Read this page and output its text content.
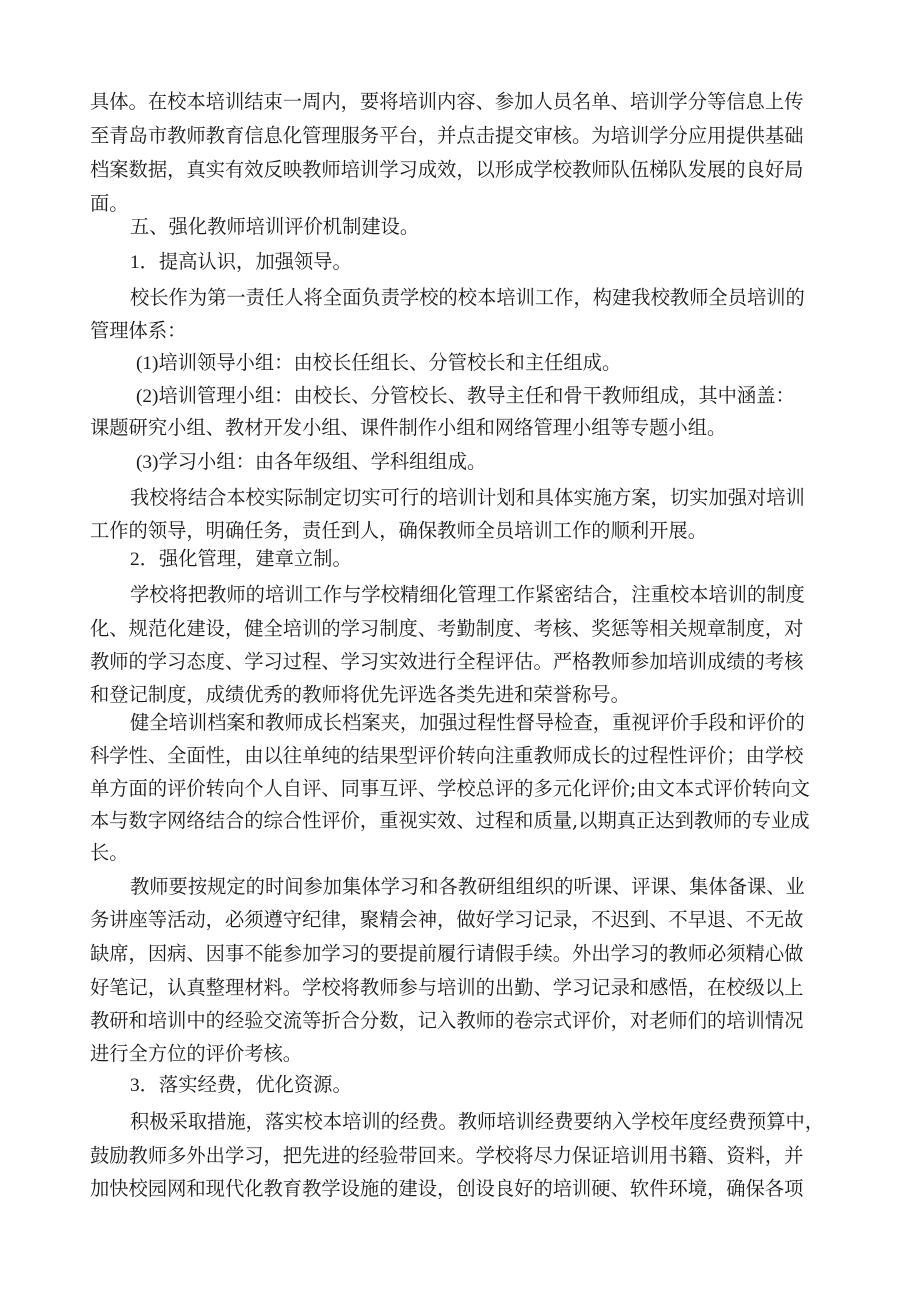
具体。在校本培训结束一周内，要将培训内容、参加人员名单、培训学分等信息上传
至青岛市教师教育信息化管理服务平台，并点击提交审核。为培训学分应用提供基础
档案数据，真实有效反映教师培训学习成效，以形成学校教师队伍梯队发展的良好局
面。
五、强化教师培训评价机制建设。
1．提高认识，加强领导。
校长作为第一责任人将全面负责学校的校本培训工作，构建我校教师全员培训的
管理体系：
(1)培训领导小组：由校长任组长、分管校长和主任组成。
(2)培训管理小组：由校长、分管校长、教导主任和骨干教师组成，其中涵盖：
课题研究小组、教材开发小组、课件制作小组和网络管理小组等专题小组。
(3)学习小组：由各年级组、学科组组成。
我校将结合本校实际制定切实可行的培训计划和具体实施方案，切实加强对培训
工作的领导，明确任务，责任到人，确保教师全员培训工作的顺利开展。
2．强化管理，建章立制。
学校将把教师的培训工作与学校精细化管理工作紧密结合，注重校本培训的制度
化、规范化建设，健全培训的学习制度、考勤制度、考核、奖惩等相关规章制度，对
教师的学习态度、学习过程、学习实效进行全程评估。严格教师参加培训成绩的考核
和登记制度，成绩优秀的教师将优先评选各类先进和荣誉称号。
健全培训档案和教师成长档案夹，加强过程性督导检查，重视评价手段和评价的
科学性、全面性，由以往单纯的结果型评价转向注重教师成长的过程性评价；由学校
单方面的评价转向个人自评、同事互评、学校总评的多元化评价;由文本式评价转向文
本与数字网络结合的综合性评价，重视实效、过程和质量,以期真正达到教师的专业成
长。
教师要按规定的时间参加集体学习和各教研组组织的听课、评课、集体备课、业
务讲座等活动，必须遵守纪律，聚精会神，做好学习记录，不迟到、不早退、不无故
缺席，因病、因事不能参加学习的要提前履行请假手续。外出学习的教师必须精心做
好笔记，认真整理材料。学校将教师参与培训的出勤、学习记录和感悟，在校级以上
教研和培训中的经验交流等折合分数，记入教师的卷宗式评价，对老师们的培训情况
进行全方位的评价考核。
3．落实经费，优化资源。
积极采取措施，落实校本培训的经费。教师培训经费要纳入学校年度经费预算中，
鼓励教师多外出学习，把先进的经验带回来。学校将尽力保证培训用书籍、资料，并
加快校园网和现代化教育教学设施的建设，创设良好的培训硬、软件环境，确保各项
